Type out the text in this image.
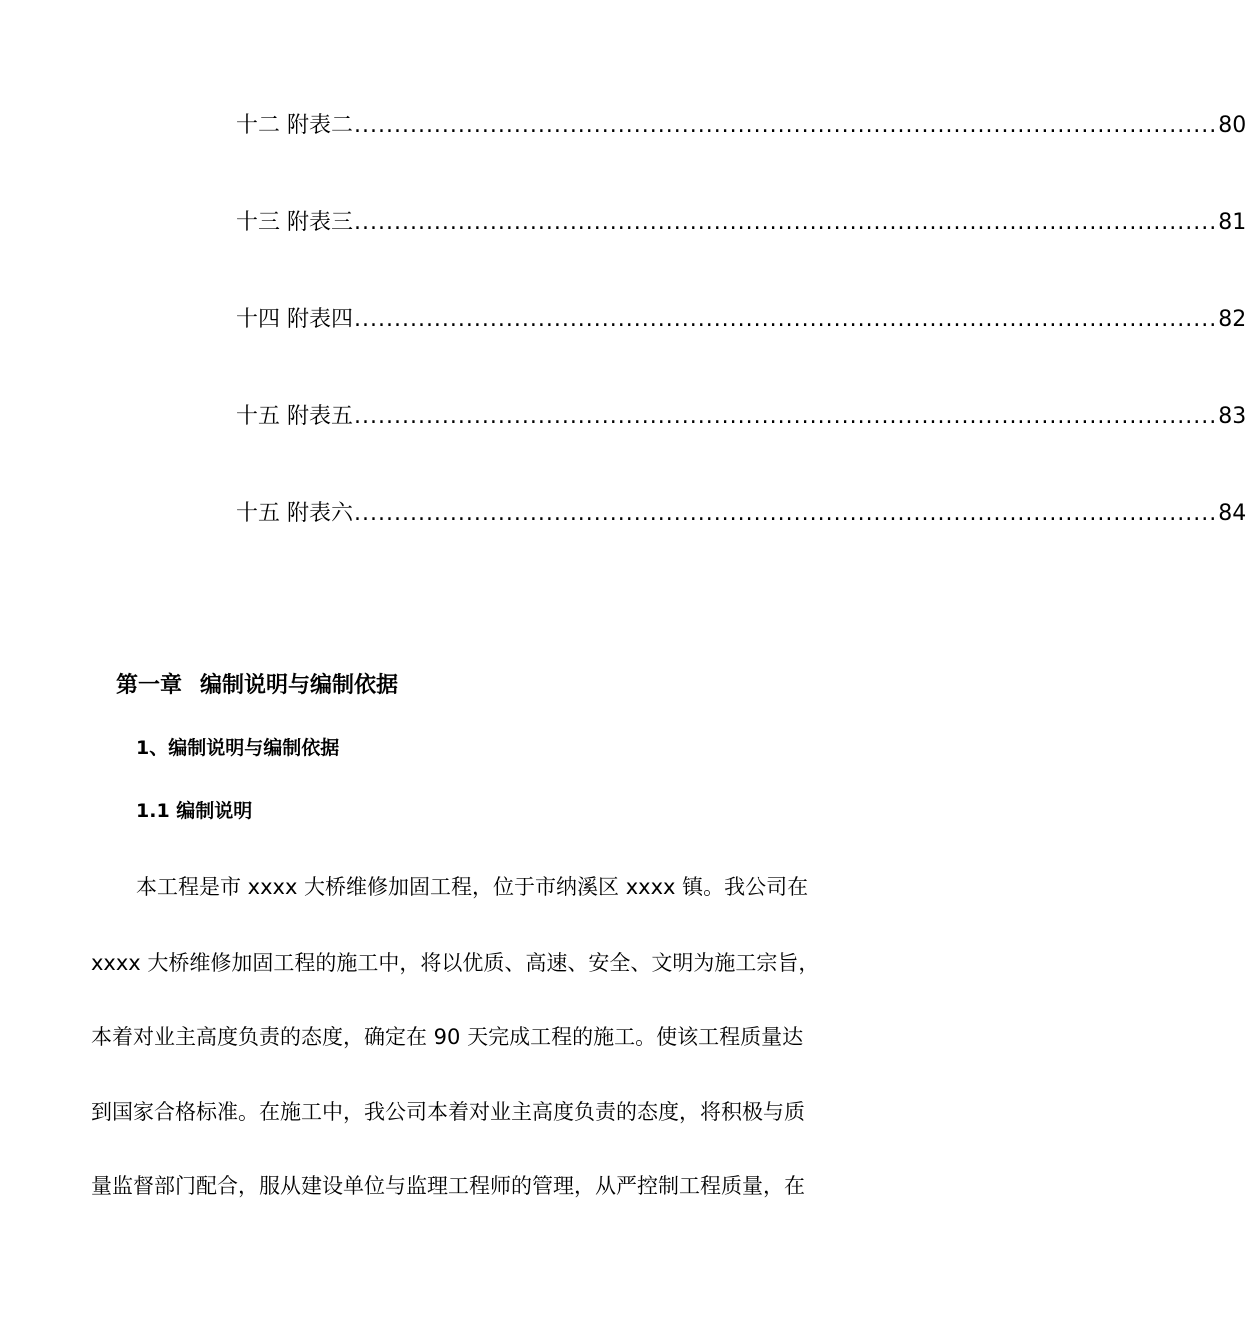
十二 附表二 ............................................................................................................ 80
十三 附表三 ............................................................................................................ 81
十四 附表四 ............................................................................................................ 82
十五 附表五 ............................................................................................................ 83
十五 附表六 ............................................................................................................ 84
第一章 编制说明与编制依据
1、编制说明与编制依据
1.1 编制说明
本工程是市 xxxx 大桥维修加固工程，位于市纳溪区 xxxx 镇。我公司在
xxxx 大桥维修加固工程的施工中，将以优质、高速、安全、文明为施工宗旨，
本着对业主高度负责的态度，确定在 90 天完成工程的施工。使该工程质量达
到国家合格标准。在施工中，我公司本着对业主高度负责的态度，将积极与质
量监督部门配合，服从建设单位与监理工程师的管理，从严控制工程质量，在
